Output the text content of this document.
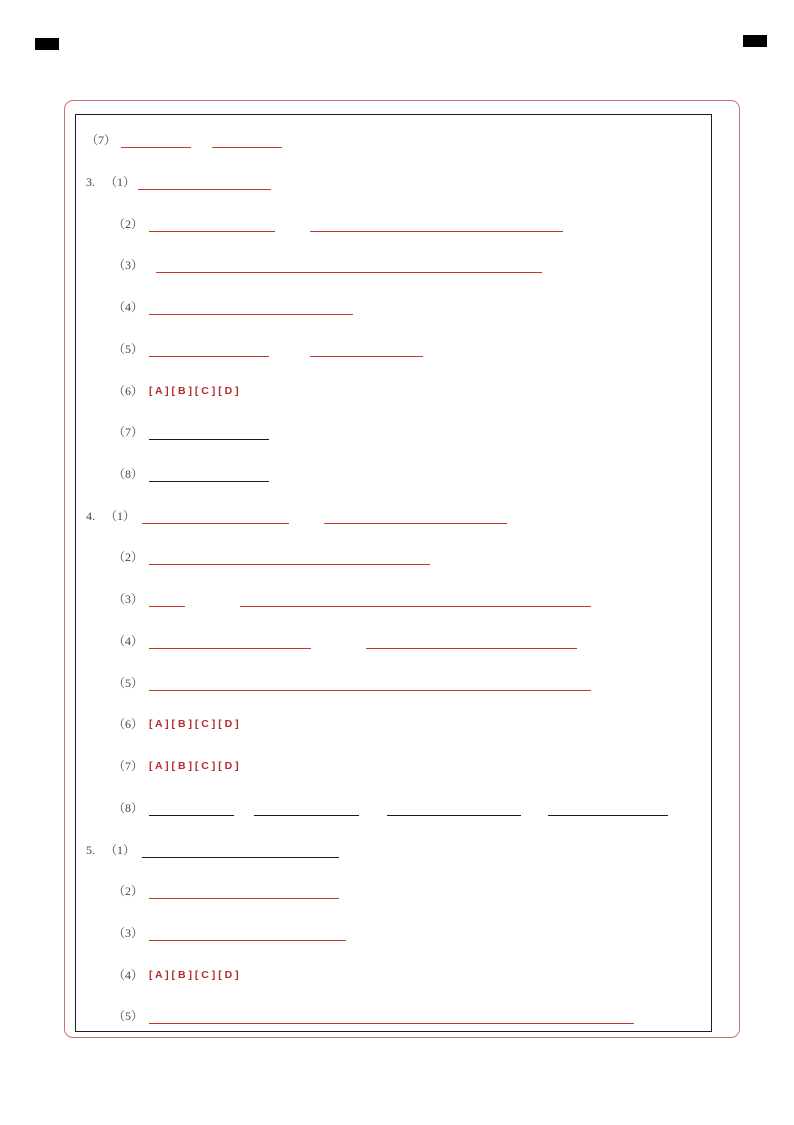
（7）
3. （1）
（2）
（3）
（4）
（5）
（6） [ A ] [ B ] [ C ] [ D ]
（7）
（8）
4. （1）
（2）
（3）
（4）
（5）
（6） [ A ] [ B ] [ C ] [ D ]
（7） [ A ] [ B ] [ C ] [ D ]
（8）
5. （1）
（2）
（3）
（4） [ A ] [ B ] [ C ] [ D ]
（5）
